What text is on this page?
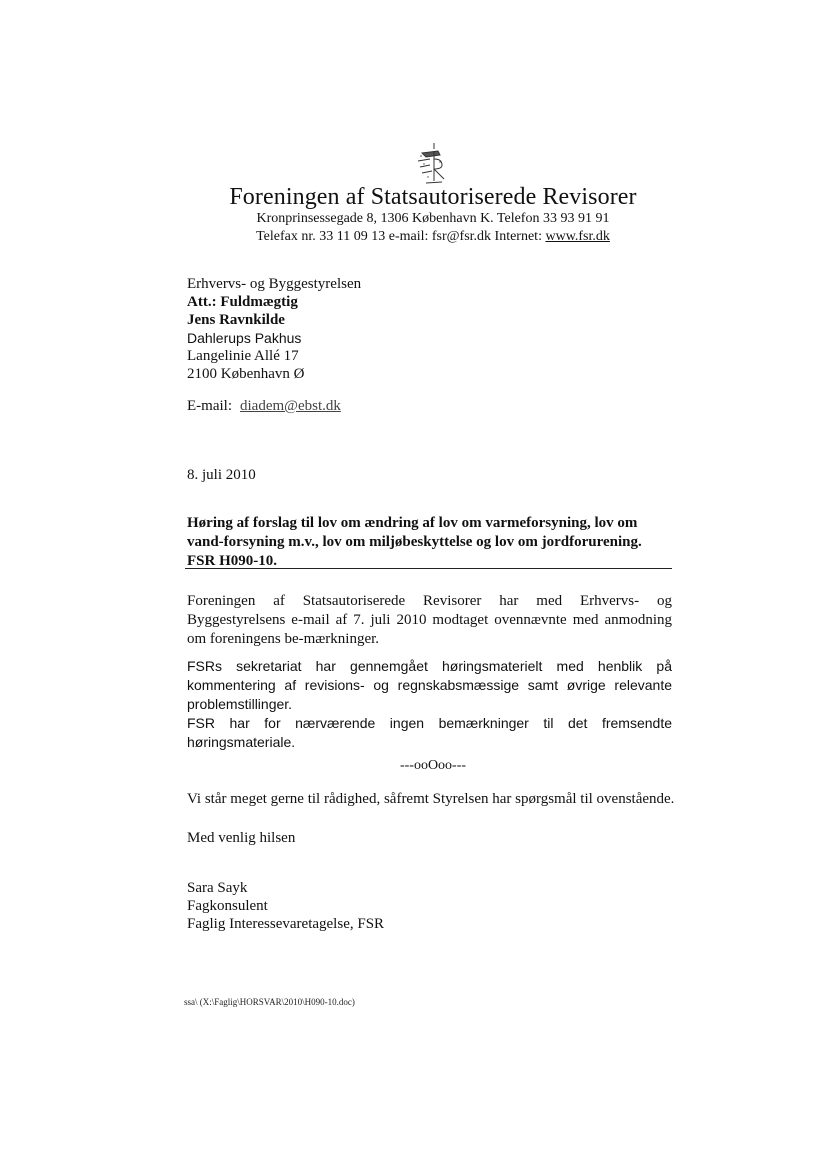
Foreningen af Statsautoriserede Revisorer
Kronprinsessegade 8, 1306 København K. Telefon 33 93 91 91
Telefax nr. 33 11 09 13 e-mail: fsr@fsr.dk Internet: www.fsr.dk
Erhvervs- og Byggestyrelsen
Att.: Fuldmægtig
Jens Ravnkilde
Dahlerups Pakhus
Langelinie Allé 17
2100 København Ø
E-mail: diadem@ebst.dk
8. juli 2010
Høring af forslag til lov om ændring af lov om varmeforsyning, lov om vand-forsyning m.v., lov om miljøbeskyttelse og lov om jordforurening. FSR H090-10.
Foreningen af Statsautoriserede Revisorer har med Erhvervs- og Byggestyrelsens e-mail af 7. juli 2010 modtaget ovennævnte med anmodning om foreningens be-mærkninger.
FSRs sekretariat har gennemgået høringsmaterielt med henblik på kommentering af revisions- og regnskabsmæssige samt øvrige relevante problemstillinger.
FSR har for nærværende ingen bemærkninger til det fremsendte høringsmateriale.
---ooOoo---
Vi står meget gerne til rådighed, såfremt Styrelsen har spørgsmål til ovenstående.
Med venlig hilsen
Sara Sayk
Fagkonsulent
Faglig Interessevaretagelse, FSR
ssa\ (X:\Faglig\HORSVAR\2010\H090-10.doc)
